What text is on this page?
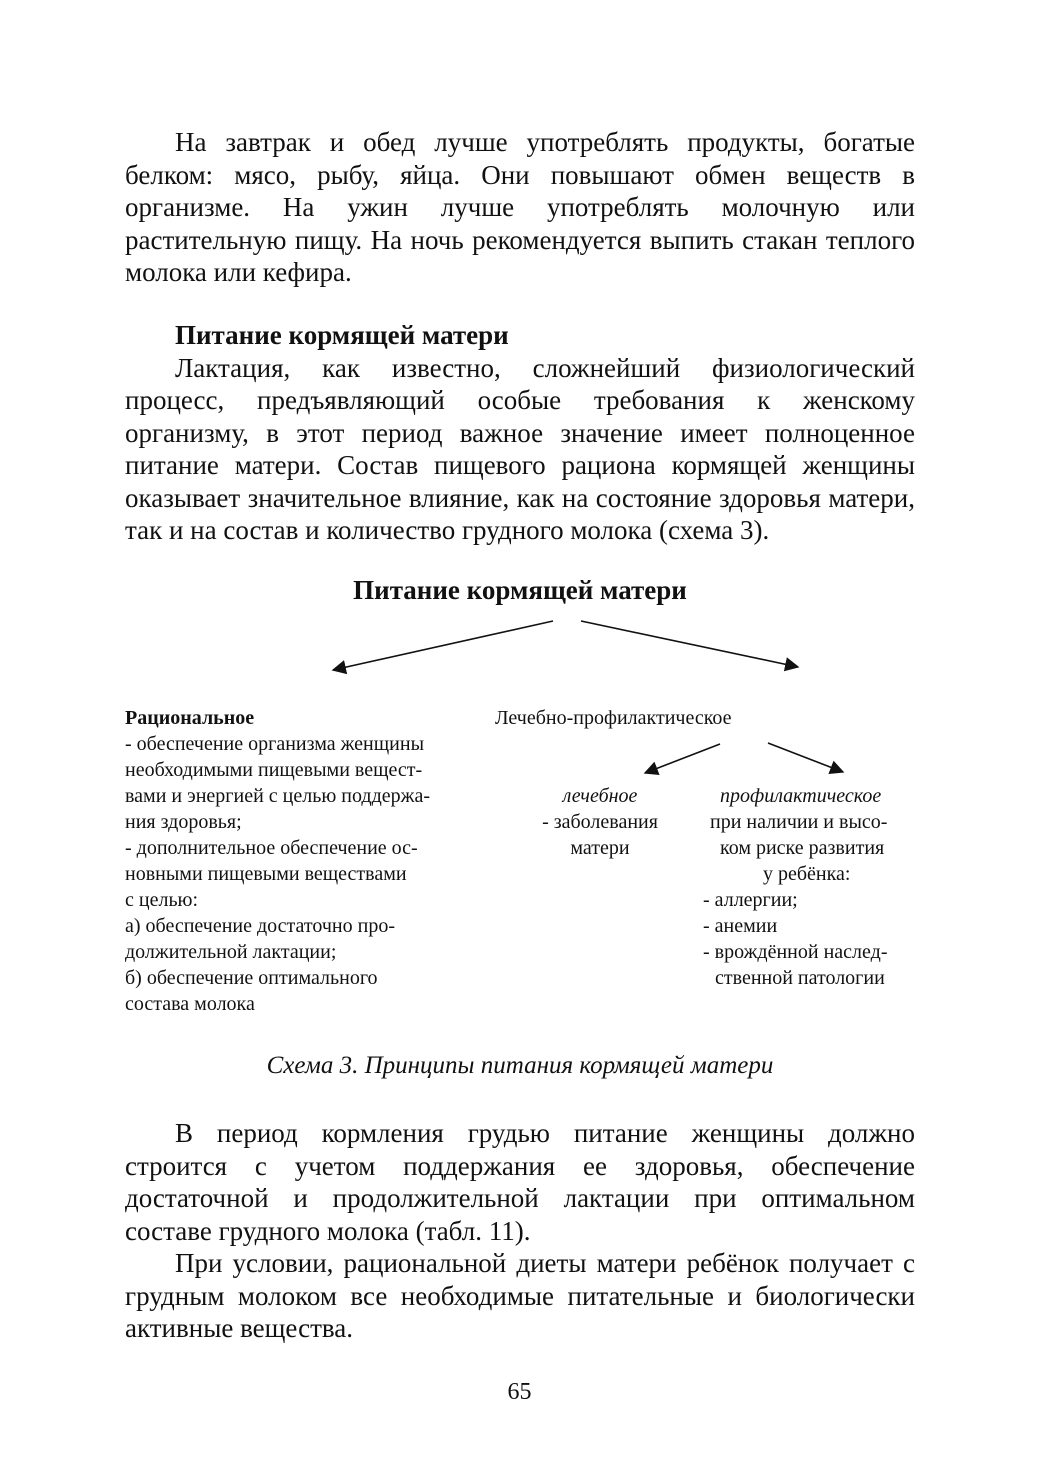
На завтрак и обед лучше употреблять продукты, богатые белком: мясо, рыбу, яйца. Они повышают обмен веществ в организме. На ужин лучше употреблять молочную или растительную пищу. На ночь рекомендуется выпить стакан теплого молока или кефира.

Питание кормящей матери

Лактация, как известно, сложнейший физиологический процесс, предъявляющий особые требования к женскому организму, в этот период важное значение имеет полноценное питание матери. Состав пищевого рациона кормящей женщины оказывает значительное влияние, как на состояние здоровья матери, так и на состав и количество грудного молока (схема 3).

Питание кормящей матери
Рациональное
- обеспечение организма женщины
необходимыми пищевыми вещест-
вами и энергией с целью поддержа-
ния здоровья;
- дополнительное обеспечение ос-
новными пищевыми веществами
с целью:
а) обеспечение достаточно про-
должительной лактации;
б) обеспечение оптимального
состава молока
Лечебно-профилактическое
лечебное
- заболевания
матери
профилактическое
при наличии и высо-
ком риске развития
у ребёнка:
- аллергии;
- анемии
- врождённой наслед-
ственной патологии
Схема 3. Принципы питания кормящей матери

В период кормления грудью питание женщины должно строится с учетом поддержания ее здоровья, обеспечение достаточной и продолжительной лактации при оптимальном составе грудного молока (табл. 11).

При условии, рациональной диеты матери ребёнок получает с грудным молоком все необходимые питательные и биологически активные вещества.

65
